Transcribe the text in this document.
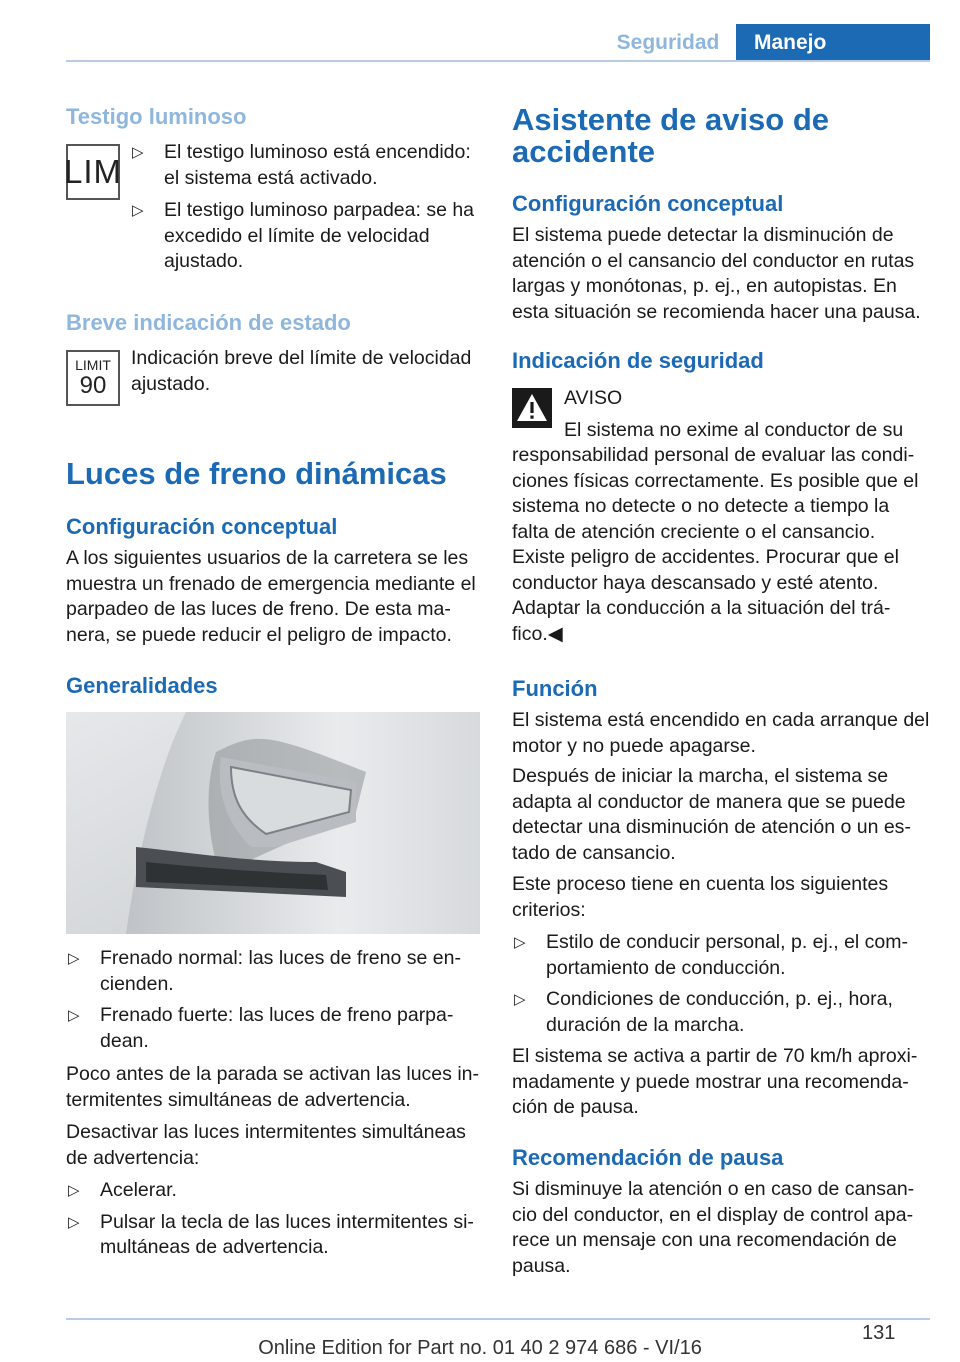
Seguridad	Manejo
Testigo luminoso
LIM
▷ El testigo luminoso está encendido: el sistema está activado.
▷ El testigo luminoso parpadea: se ha excedido el límite de velocidad ajustado.
Breve indicación de estado
LIMIT
90
Indicación breve del límite de velocidad ajustado.
Luces de freno dinámicas
Configuración conceptual
A los siguientes usuarios de la carretera se les muestra un frenado de emergencia mediante el parpadeo de las luces de freno. De esta manera, se puede reducir el peligro de impacto.
Generalidades
▷ Frenado normal: las luces de freno se encienden.
▷ Frenado fuerte: las luces de freno parpadean.
Poco antes de la parada se activan las luces intermitentes simultáneas de advertencia.
Desactivar las luces intermitentes simultáneas de advertencia:
▷ Acelerar.
▷ Pulsar la tecla de las luces intermitentes simultáneas de advertencia.
Asistente de aviso de
accidente
Configuración conceptual
El sistema puede detectar la disminución de atención o el cansancio del conductor en rutas largas y monótonas, p. ej., en autopistas. En esta situación se recomienda hacer una pausa.
Indicación de seguridad
AVISO
El sistema no exime al conductor de su
responsabilidad personal de evaluar las condiciones físicas correctamente. Es posible que el sistema no detecte o no detecte a tiempo la falta de atención creciente o el cansancio. Existe peligro de accidentes. Procurar que el conductor haya descansado y esté atento. Adaptar la conducción a la situación del tráfico.◀
Función
El sistema está encendido en cada arranque del motor y no puede apagarse.
Después de iniciar la marcha, el sistema se adapta al conductor de manera que se puede detectar una disminución de atención o un estado de cansancio.
Este proceso tiene en cuenta los siguientes criterios:
▷ Estilo de conducir personal, p. ej., el comportamiento de conducción.
▷ Condiciones de conducción, p. ej., hora, duración de la marcha.
El sistema se activa a partir de 70 km/h aproximadamente y puede mostrar una recomendación de pausa.
Recomendación de pausa
Si disminuye la atención o en caso de cansancio del conductor, en el display de control aparece un mensaje con una recomendación de pausa.
131
Online Edition for Part no. 01 40 2 974 686 - VI/16
